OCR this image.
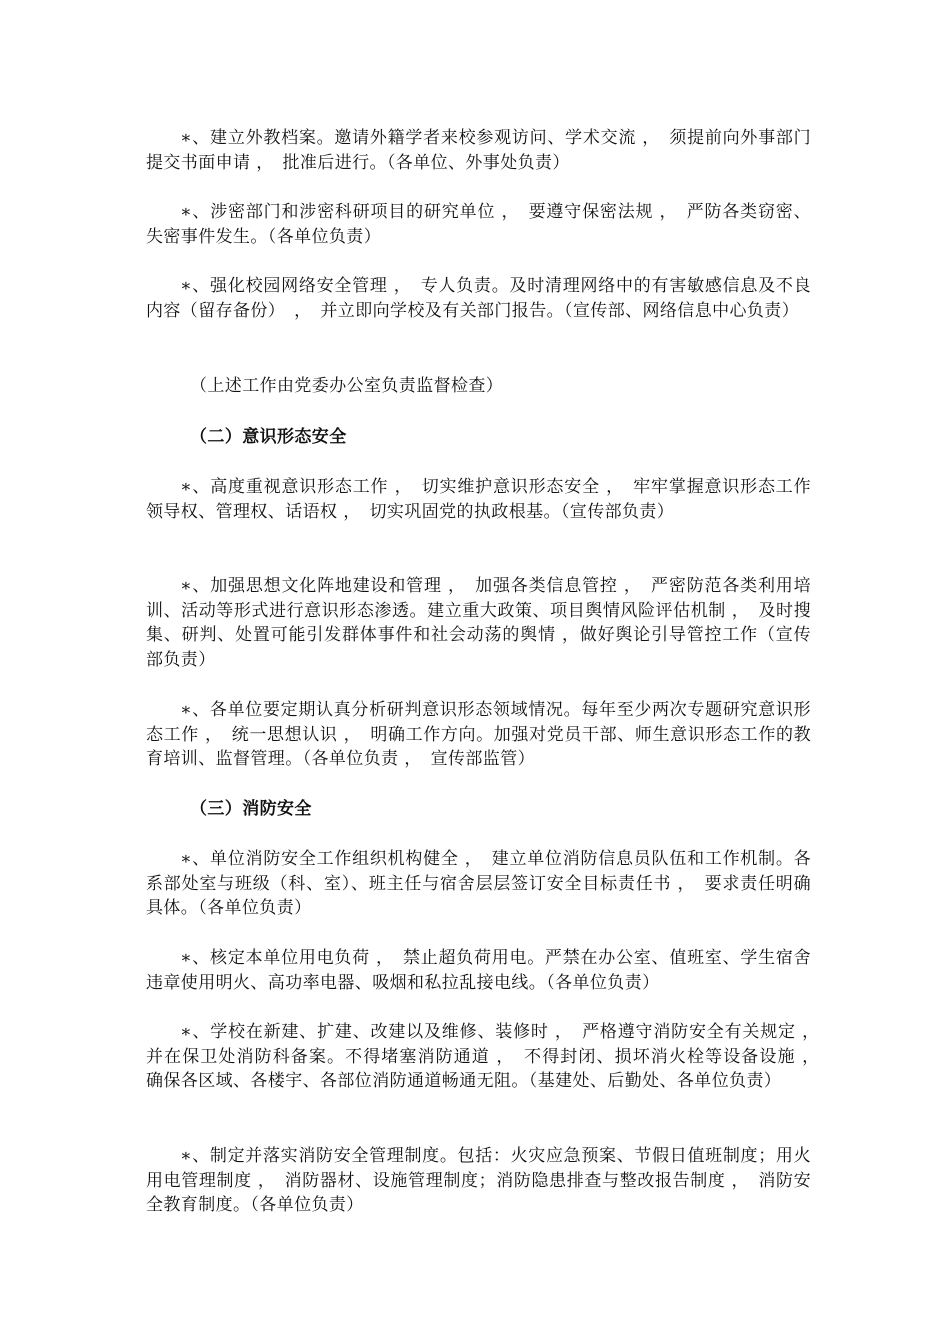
∗、建立外教档案。邀请外籍学者来校参观访问、学术交流 ，　须提前向外事部门提交书面申请 ，　批准后进行。（各单位、外事处负责）

∗、涉密部门和涉密科研项目的研究单位 ，　要遵守保密法规 ，　严防各类窃密、失密事件发生。（各单位负责）

∗、强化校园网络安全管理 ，　专人负责。及时清理网络中的有害敏感信息及不良内容（留存备份）　，　并立即向学校及有关部门报告。（宣传部、网络信息中心负责）

（上述工作由党委办公室负责监督检查）

（二）意识形态安全

∗、高度重视意识形态工作 ，　切实维护意识形态安全 ，　牢牢掌握意识形态工作领导权、管理权、话语权 ，　切实巩固党的执政根基。（宣传部负责）

∗、加强思想文化阵地建设和管理 ，　加强各类信息管控 ，　严密防范各类利用培训、活动等形式进行意识形态渗透。建立重大政策、项目舆情风险评估机制 ，　及时搜集、研判、处置可能引发群体事件和社会动荡的舆情 ，做好舆论引导管控工作（宣传部负责）

∗、各单位要定期认真分析研判意识形态领域情况。每年至少两次专题研究意识形态工作 ，　统一思想认识 ，　明确工作方向。加强对党员干部、师生意识形态工作的教育培训、监督管理。（各单位负责 ，　宣传部监管）

（三）消防安全

∗、单位消防安全工作组织机构健全 ，　建立单位消防信息员队伍和工作机制。各系部处室与班级（科、室）、班主任与宿舍层层签订安全目标责任书 ，　要求责任明确具体。（各单位负责）

∗、核定本单位用电负荷 ，　禁止超负荷用电。严禁在办公室、值班室、学生宿舍违章使用明火、高功率电器、吸烟和私拉乱接电线。（各单位负责）

∗、学校在新建、扩建、改建以及维修、装修时 ，　严格遵守消防安全有关规定 ，　并在保卫处消防科备案。不得堵塞消防通道 ，　不得封闭、损坏消火栓等设备设施 ，　确保各区域、各楼宇、各部位消防通道畅通无阻。（基建处、后勤处、各单位负责）

∗、制定并落实消防安全管理制度。包括：火灾应急预案、节假日值班制度；用火用电管理制度 ，　消防器材、设施管理制度；消防隐患排查与整改报告制度 ，　消防安全教育制度。（各单位负责）
